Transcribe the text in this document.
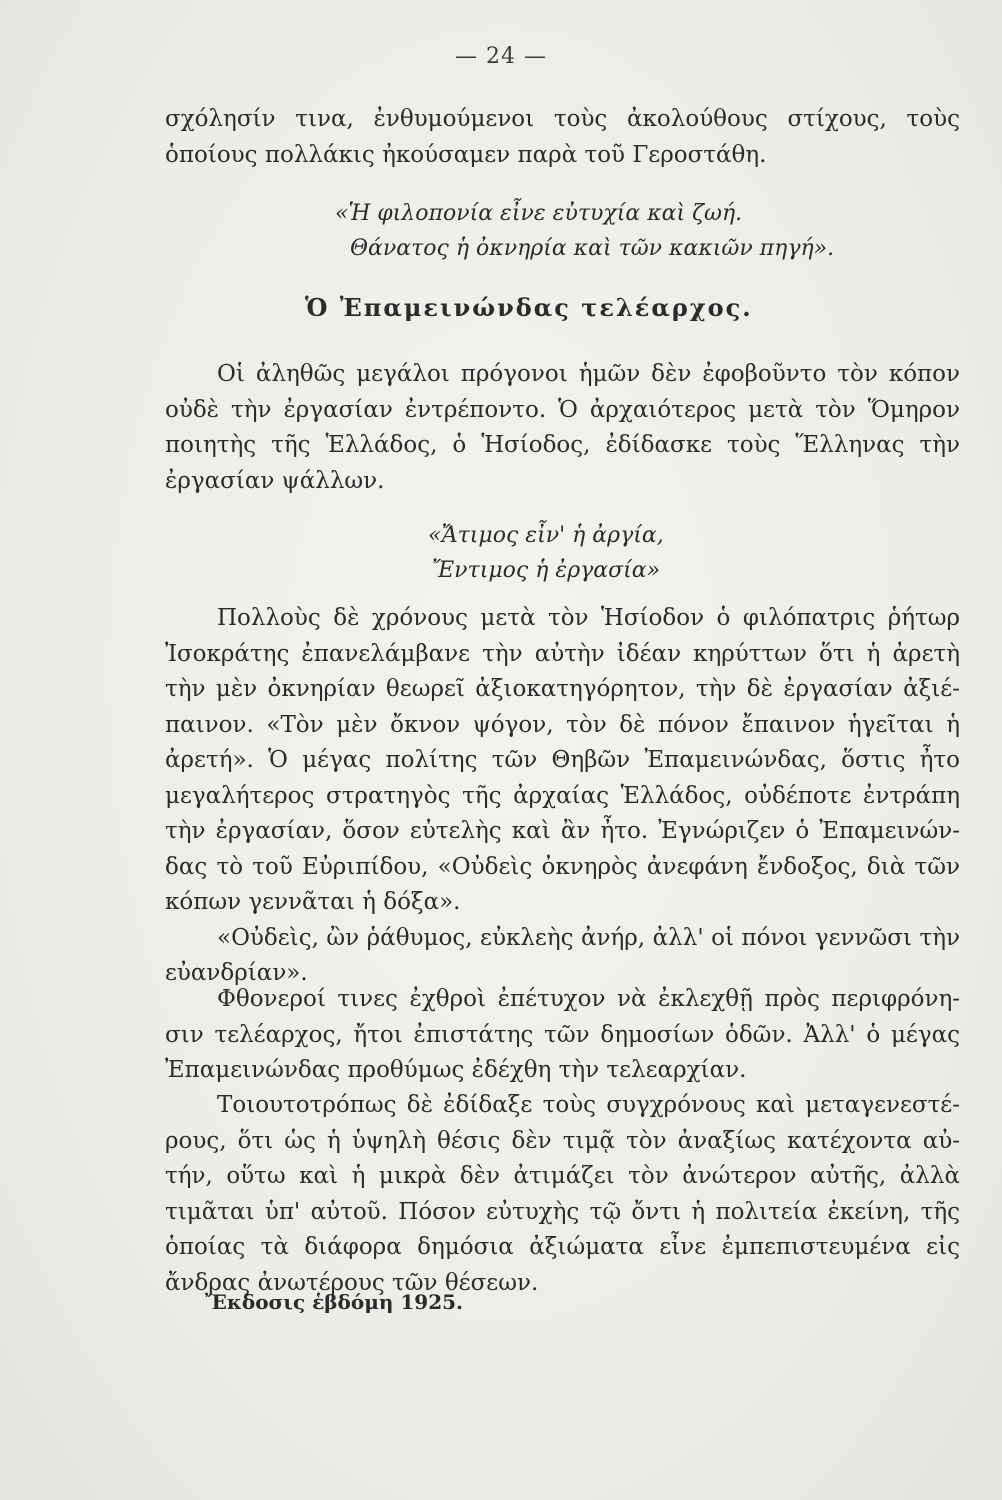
— 24 —
σχόλησίν τινα, ἐνθυμούμενοι τοὺς ἀκολούθους στίχους, τοὺς
ὁποίους πολλάκις ἠκούσαμεν παρὰ τοῦ Γεροστάθη.
«Ἡ φιλοπονία εἶνε εὐτυχία καὶ ζωή.
Θάνατος ἡ ὀκνηρία καὶ τῶν κακιῶν πηγή».
Ὁ Ἐπαμεινώνδας τελέαρχος.
Οἱ ἀληθῶς μεγάλοι πρόγονοι ἡμῶν δὲν ἐφοβοῦντο τὸν κόπον
οὐδὲ τὴν ἐργασίαν ἐντρέποντο. Ὁ ἀρχαιότερος μετὰ τὸν Ὅμηρον
ποιητὴς τῆς Ἑλλάδος, ὁ Ἡσίοδος, ἐδίδασκε τοὺς Ἕλληνας τὴν
ἐργασίαν ψάλλων.
«Ἄτιμος εἶν' ἡ ἀργία,
Ἔντιμος ἡ ἐργασία»
Πολλοὺς δὲ χρόνους μετὰ τὸν Ἡσίοδον ὁ φιλόπατρις ῥήτωρ
Ἰσοκράτης ἐπανελάμβανε τὴν αὐτὴν ἰδέαν κηρύττων ὅτι ἡ ἀρετὴ
τὴν μὲν ὀκνηρίαν θεωρεῖ ἀξιοκατηγόρητον, τὴν δὲ ἐργασίαν ἀξιέ-
παινον. «Τὸν μὲν ὄκνον ψόγον, τὸν δὲ πόνον ἔπαινον ἡγεῖται ἡ
ἀρετή». Ὁ μέγας πολίτης τῶν Θηβῶν Ἐπαμεινώνδας, ὅστις ἦτο
μεγαλήτερος στρατηγὸς τῆς ἀρχαίας Ἑλλάδος, οὐδέποτε ἐντράπη
τὴν ἐργασίαν, ὅσον εὐτελὴς καὶ ἂν ἦτο. Ἐγνώριζεν ὁ Ἐπαμεινών-
δας τὸ τοῦ Εὐριπίδου, «Οὐδεὶς ὀκνηρὸς ἀνεφάνη ἔνδοξος, διὰ τῶν
κόπων γεννᾶται ἡ δόξα».
«Οὐδεὶς, ὢν ῥάθυμος, εὐκλεὴς ἀνήρ, ἀλλ' οἱ πόνοι γεννῶσι τὴν
εὐανδρίαν».
Φθονεροί τινες ἐχθροὶ ἐπέτυχον νὰ ἐκλεχθῇ πρὸς περιφρόνη-
σιν τελέαρχος, ἤτοι ἐπιστάτης τῶν δημοσίων ὁδῶν. Ἀλλ' ὁ μέγας
Ἐπαμεινώνδας προθύμως ἐδέχθη τὴν τελεαρχίαν.
Τοιουτοτρόπως δὲ ἐδίδαξε τοὺς συγχρόνους καὶ μεταγενεστέ-
ρους, ὅτι ὡς ἡ ὑψηλὴ θέσις δὲν τιμᾷ τὸν ἀναξίως κατέχοντα αὐ-
τήν, οὕτω καὶ ἡ μικρὰ δὲν ἀτιμάζει τὸν ἀνώτερον αὐτῆς, ἀλλὰ
τιμᾶται ὑπ' αὐτοῦ. Πόσον εὐτυχὴς τῷ ὄντι ἡ πολιτεία ἐκείνη, τῆς
ὁποίας τὰ διάφορα δημόσια ἀξιώματα εἶνε ἐμπεπιστευμένα εἰς
ἄνδρας ἀνωτέρους τῶν θέσεων.
Ἔκδοσις ἑβδόμη 1925.
